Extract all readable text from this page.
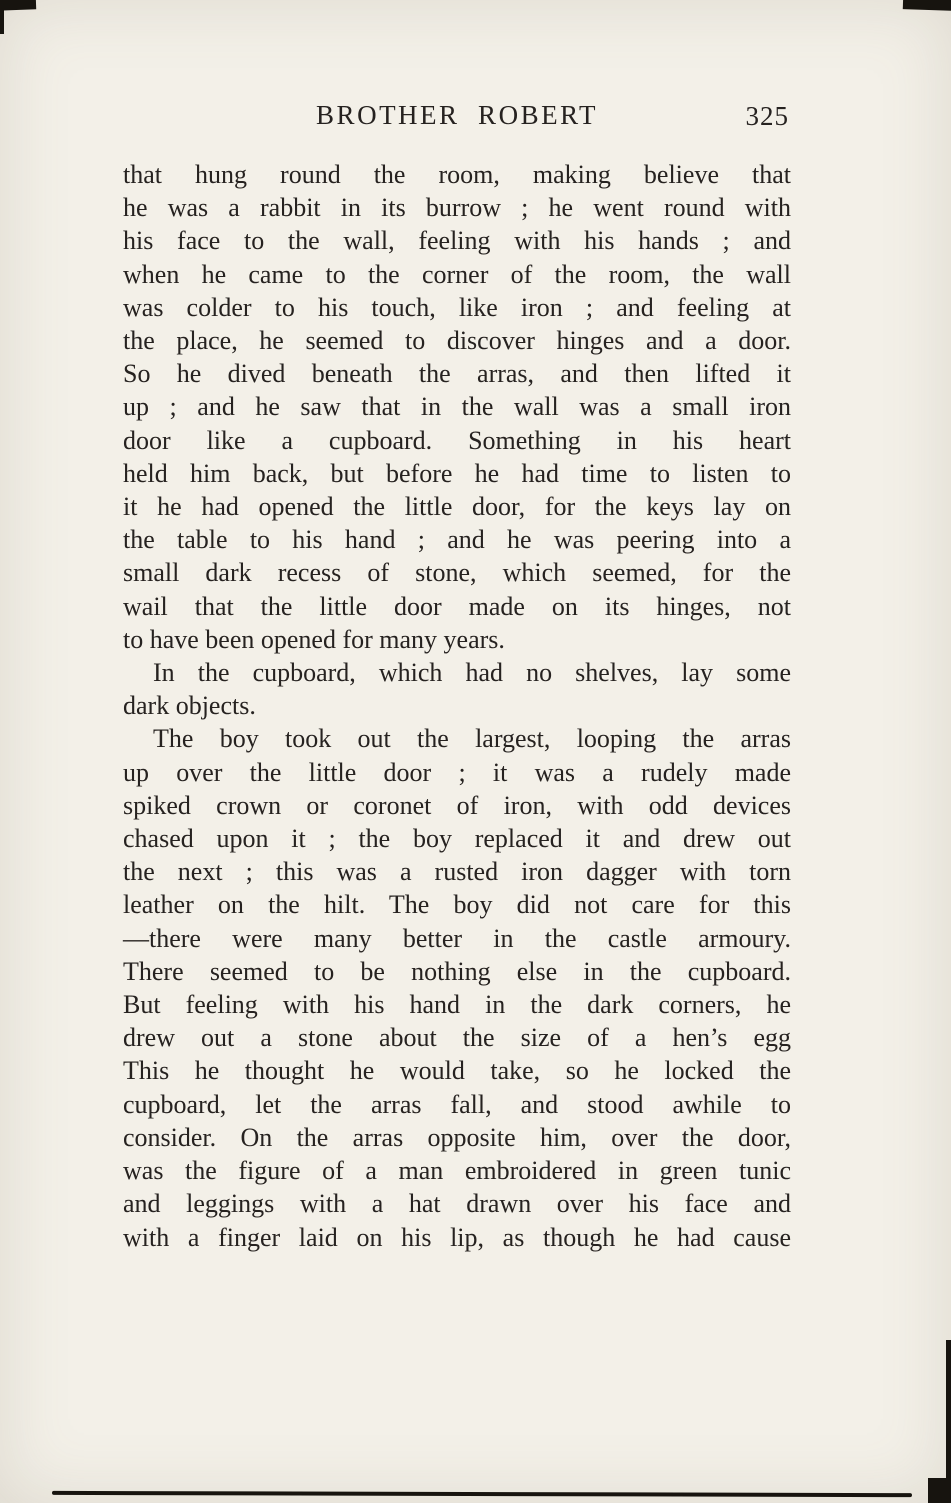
BROTHER  ROBERT	325
that hung round the room, making believe that
he was a rabbit in its burrow ; he went round with
his face to the wall, feeling with his hands ; and
when he came to the corner of the room, the wall
was colder to his touch, like iron ; and feeling at
the place, he seemed to discover hinges and a door.
So he dived beneath the arras, and then lifted it
up ; and he saw that in the wall was a small iron
door like a cupboard. Something in his heart
held him back, but before he had time to listen to
it he had opened the little door, for the keys lay on
the table to his hand ; and he was peering into a
small dark recess of stone, which seemed, for the
wail that the little door made on its hinges, not
to have been opened for many years.
In the cupboard, which had no shelves, lay some
dark objects.
The boy took out the largest, looping the arras
up over the little door ; it was a rudely made
spiked crown or coronet of iron, with odd devices
chased upon it ; the boy replaced it and drew out
the next ; this was a rusted iron dagger with torn
leather on the hilt. The boy did not care for this
—there were many better in the castle armoury.
There seemed to be nothing else in the cupboard.
But feeling with his hand in the dark corners, he
drew out a stone about the size of a hen’s egg
This he thought he would take, so he locked the
cupboard, let the arras fall, and stood awhile to
consider. On the arras opposite him, over the door,
was the figure of a man embroidered in green tunic
and leggings with a hat drawn over his face and
with a finger laid on his lip, as though he had cause
